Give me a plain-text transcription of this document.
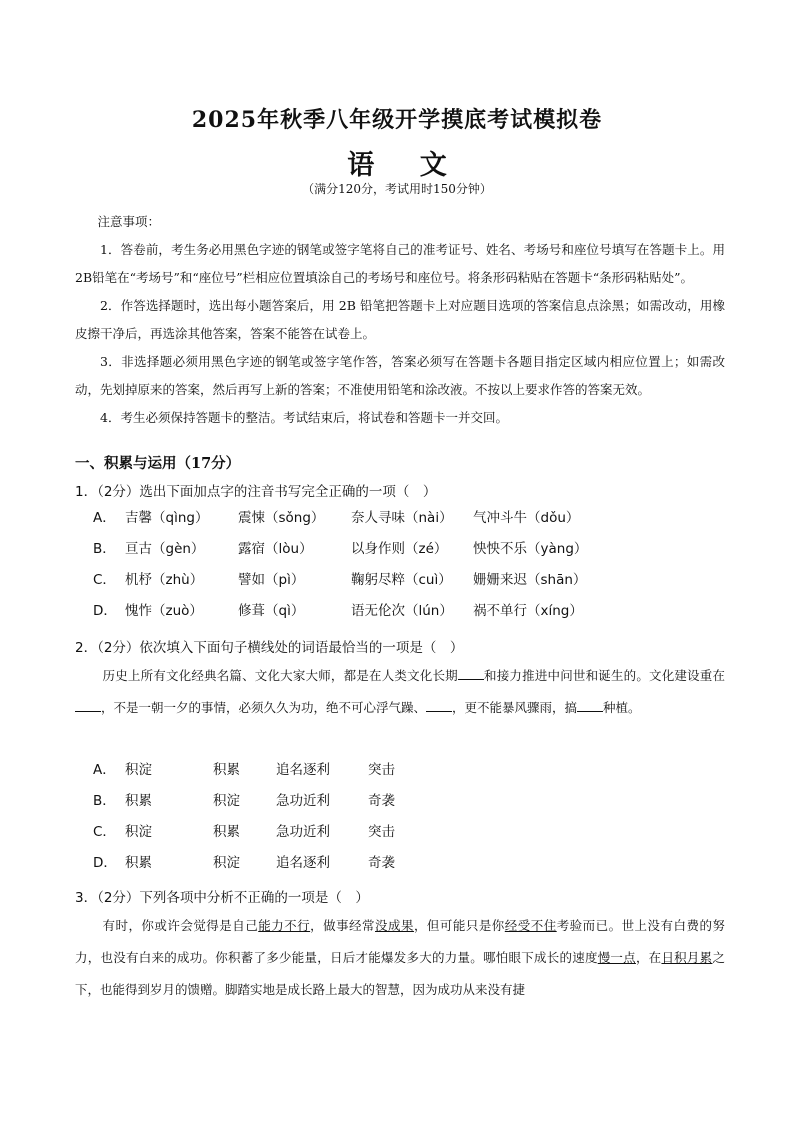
2025年秋季八年级开学摸底考试模拟卷
语 文
（满分120分，考试用时150分钟）

注意事项：

1．答卷前，考生务必用黑色字迹的钢笔或签字笔将自己的准考证号、姓名、考场号和座位号填写在答题卡上。用2B铅笔在“考场号”和“座位号”栏相应位置填涂自己的考场号和座位号。将条形码粘贴在答题卡“条形码粘贴处”。

2．作答选择题时，选出每小题答案后，用 2B 铅笔把答题卡上对应题目选项的答案信息点涂黑；如需改动，用橡皮擦干净后，再选涂其他答案，答案不能答在试卷上。

3．非选择题必须用黑色字迹的钢笔或签字笔作答，答案必须写在答题卡各题目指定区域内相应位置上；如需改动，先划掉原来的答案，然后再写上新的答案；不准使用铅笔和涂改液。不按以上要求作答的答案无效。

4．考生必须保持答题卡的整洁。考试结束后，将试卷和答题卡一并交回。

一、积累与运用（17分）
1．（2分）选出下面加点字的注音书写完全正确的一项（　）
A． 吉馨（qìng） 震悚（sǒng） 奈人寻味（nài） 气冲斗牛（dǒu）
B． 亘古（gèn） 露宿（lòu）	以身作则（zé） 怏怏不乐（yàng）
C． 机杼（zhù）	譬如（pì）	鞠躬尽粹（cuì） 姗姗来迟（shān）
D． 愧怍（zuò）	修葺（qì）	语无伦次（lún） 祸不单行（xíng）
2．（2分）依次填入下面句子横线处的词语最恰当的一项是（　）

历史上所有文化经典名篇、文化大家大师，都是在人类文化长期 和接力推进中问世和诞生的。文化建设重在，不是一朝一夕的事情，必须久久为功，绝不可心浮气躁、 ，更不能暴风骤雨，搞 种植。

A． 积淀	积累	追名逐利	突击
B． 积累	积淀	急功近利	奇袭
C． 积淀	积累	急功近利	突击
D． 积累	积淀	追名逐利	奇袭
3．（2分）下列各项中分析不正确的一项是（　）

有时，你或许会觉得是自己能力不行，做事经常没成果，但可能只是你经受不住考验而已。世上没有白费的努力，也没有白来的成功。你积蓄了多少能量，日后才能爆发多大的力量。哪怕眼下成长的速度慢一点，在日积月累之下，也能得到岁月的馈赠。脚踏实地是成长路上最大的智慧，因为成功从来没有捷
